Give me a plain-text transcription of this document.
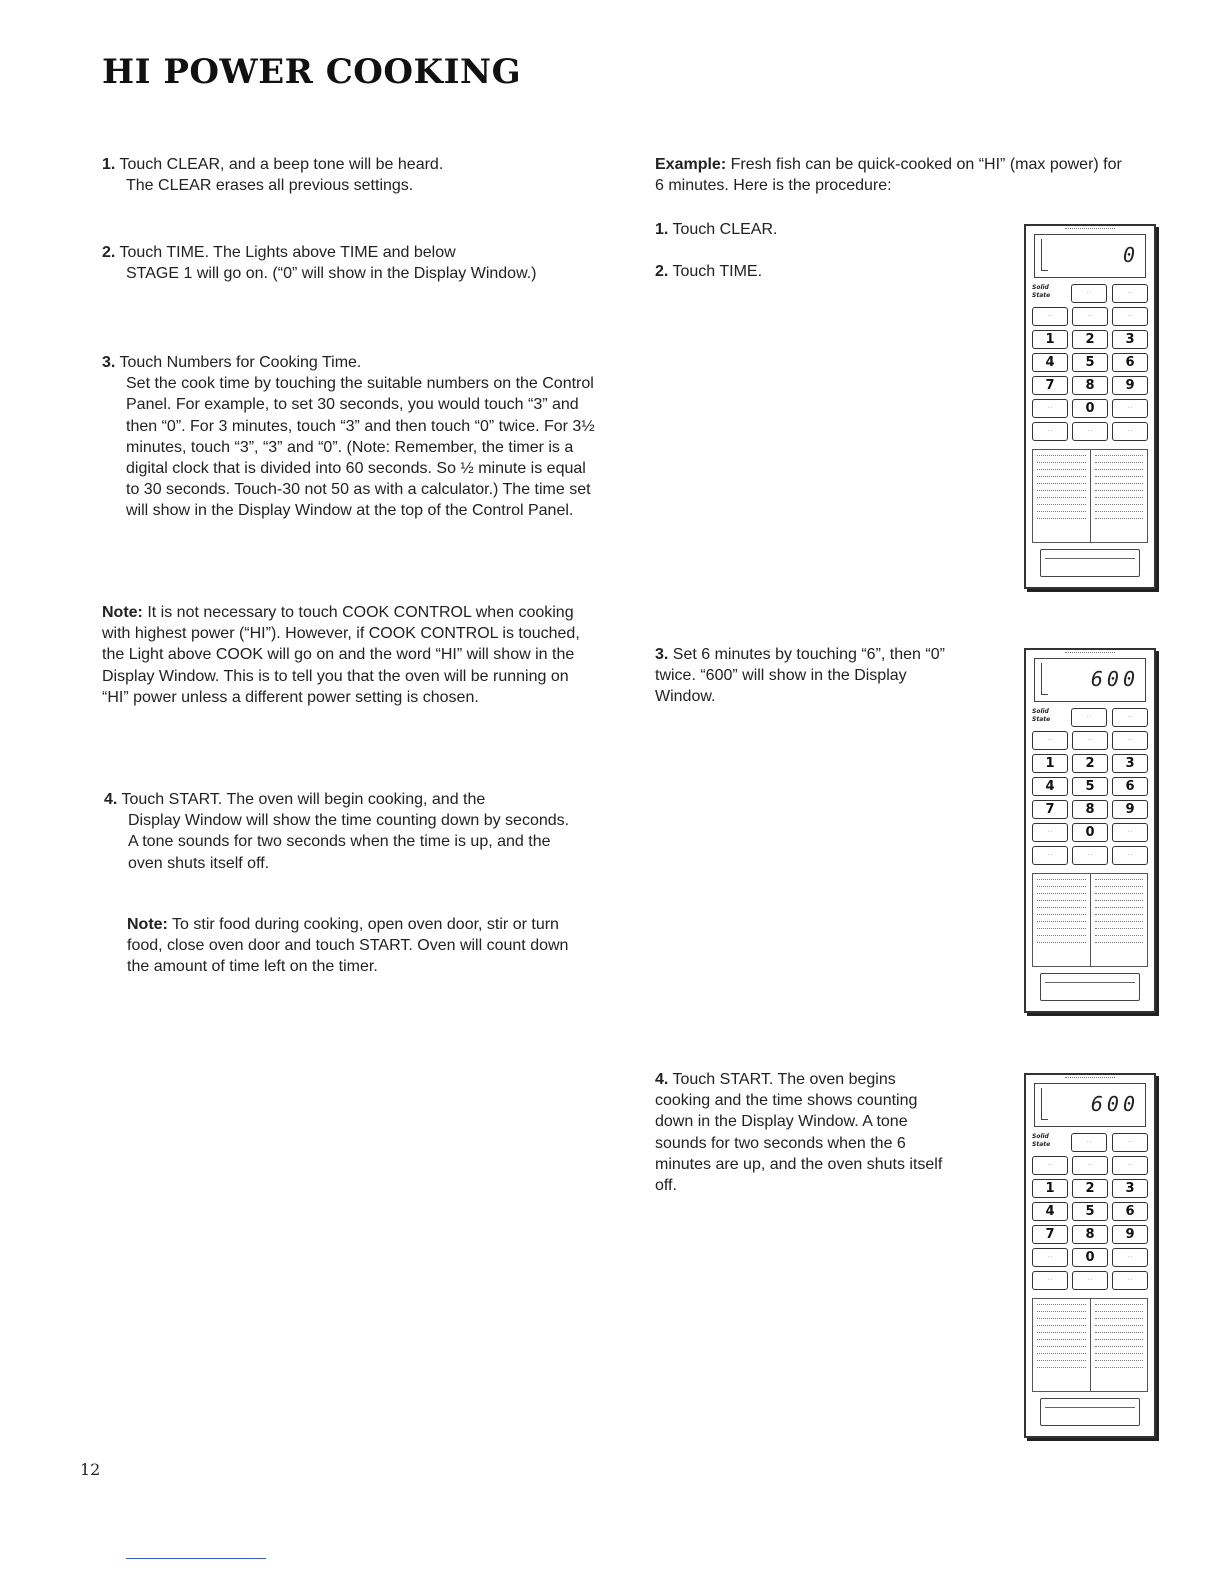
HI POWER COOKING
1. Touch CLEAR, and a beep tone will be heard.
The CLEAR erases all previous settings.
2. Touch TIME. The Lights above TIME and below
STAGE 1 will go on. (“0” will show in the Display Window.)
3. Touch Numbers for Cooking Time.
Set the cook time by touching the suitable numbers on the Control Panel. For example, to set 30 seconds, you would touch “3” and then “0”. For 3 minutes, touch “3” and then touch “0” twice. For 3½ minutes, touch “3”, “3” and “0”. (Note: Remember, the timer is a digital clock that is divided into 60 seconds. So ½ minute is equal to 30 seconds. Touch-30 not 50 as with a calculator.) The time set will show in the Display Window at the top of the Control Panel.
Note: It is not necessary to touch COOK CONTROL when cooking with highest power (“HI”). However, if COOK CONTROL is touched, the Light above COOK will go on and the word “HI” will show in the Display Window. This is to tell you that the oven will be running on “HI” power unless a different power setting is chosen.
4. Touch START. The oven will begin cooking, and the
Display Window will show the time counting down by seconds. A tone sounds for two seconds when the time is up, and the oven shuts itself off.
Note: To stir food during cooking, open oven door, stir or turn food, close oven door and touch START. Oven will count down the amount of time left on the timer.
Example: Fresh fish can be quick-cooked on “HI” (max power) for 6 minutes. Here is the procedure:
1. Touch CLEAR.
2. Touch TIME.
3. Set 6 minutes by touching “6”, then “0” twice. “600” will show in the Display Window.
4. Touch START. The oven begins cooking and the time shows counting down in the Display Window. A tone sounds for two seconds when the 6 minutes are up, and the oven shuts itself off.
0
Solid State	· ·	· ·
· ·	· ·	· ·
1	2	3
4	5	6
7	8	9
· ·	0	· ·
· ·	· ·	· ·
600
Solid State	· ·	· ·
· ·	· ·	· ·
1	2	3
4	5	6
7	8	9
· ·	0	· ·
· ·	· ·	· ·
600
Solid State	· ·	· ·
· ·	· ·	· ·
1	2	3
4	5	6
7	8	9
· ·	0	· ·
· ·	· ·	· ·
12
